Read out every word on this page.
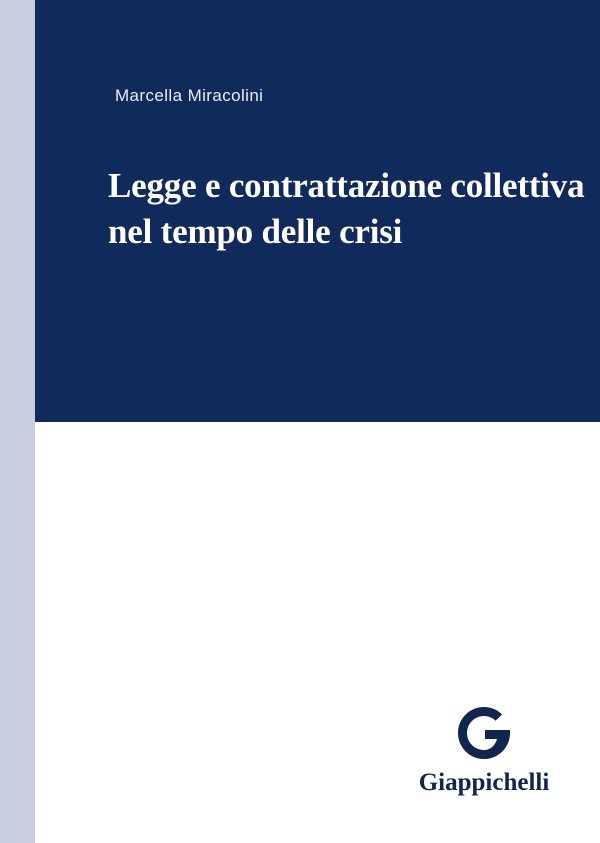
Marcella Miracolini
Legge e contrattazione collettiva
nel tempo delle crisi
Giappichelli
